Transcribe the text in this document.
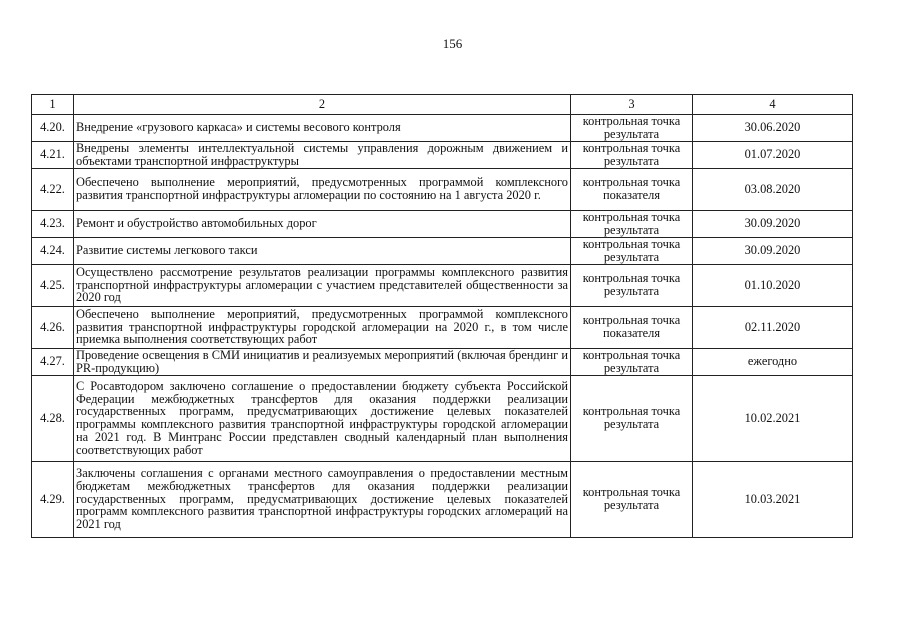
156
1	2	3	4
4.20.	Внедрение «грузового каркаса» и системы весового контроля	контрольная точка результата	30.06.2020
4.21.	Внедрены элементы интеллектуальной системы управления дорожным движением и объектами транспортной инфраструктуры	контрольная точка результата	01.07.2020
4.22.	Обеспечено выполнение мероприятий, предусмотренных программой комплексного развития транспортной инфраструктуры агломерации по состоянию на 1 августа 2020 г.	контрольная точка показателя	03.08.2020
4.23.	Ремонт и обустройство автомобильных дорог	контрольная точка результата	30.09.2020
4.24.	Развитие системы легкового такси	контрольная точка результата	30.09.2020
4.25.	Осуществлено рассмотрение результатов реализации программы комплексного развития транспортной инфраструктуры агломерации с участием представителей общественности за 2020 год	контрольная точка результата	01.10.2020
4.26.	Обеспечено выполнение мероприятий, предусмотренных программой комплексного развития транспортной инфраструктуры городской агломерации на 2020 г., в том числе приемка выполнения соответствующих работ	контрольная точка показателя	02.11.2020
4.27.	Проведение освещения в СМИ инициатив и реализуемых мероприятий (включая брендинг и PR-продукцию)	контрольная точка результата	ежегодно
4.28.	С Росавтодором заключено соглашение о предоставлении бюджету субъекта Российской Федерации межбюджетных трансфертов для оказания поддержки реализации государственных программ, предусматривающих достижение целевых показателей программы комплексного развития транспортной инфраструктуры городской агломерации на 2021 год. В Минтранс России представлен сводный календарный план выполнения соответствующих работ	контрольная точка результата	10.02.2021
4.29.	Заключены соглашения с органами местного самоуправления о предоставлении местным бюджетам межбюджетных трансфертов для оказания поддержки реализации государственных программ, предусматривающих достижение целевых показателей программ комплексного развития транспортной инфраструктуры городских агломераций на 2021 год	контрольная точка результата	10.03.2021
